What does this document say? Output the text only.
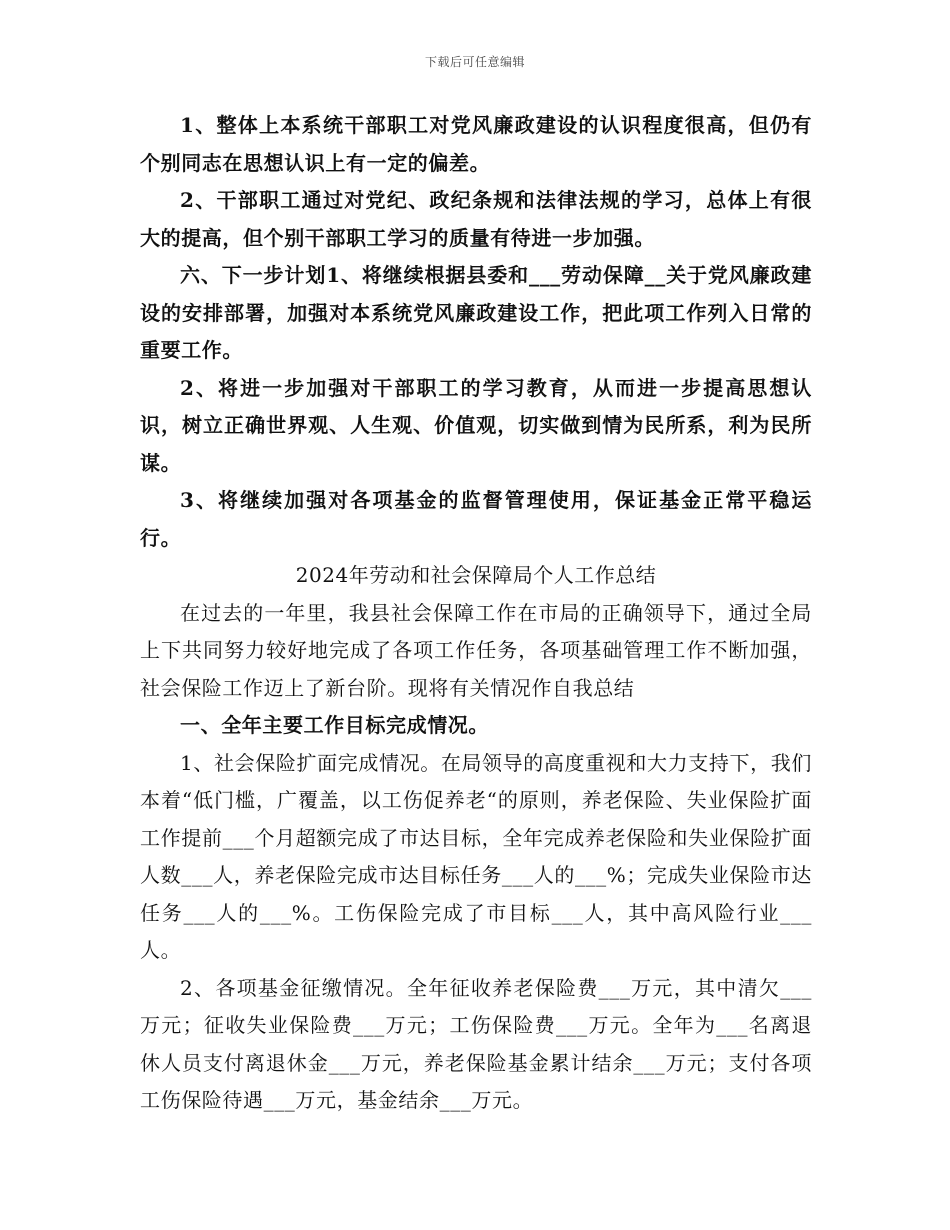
下载后可任意编辑

1、整体上本系统干部职工对党风廉政建设的认识程度很高，但仍有个别同志在思想认识上有一定的偏差。

2、干部职工通过对党纪、政纪条规和法律法规的学习，总体上有很大的提高，但个别干部职工学习的质量有待进一步加强。

六、下一步计划1、将继续根据县委和___劳动保障__关于党风廉政建设的安排部署，加强对本系统党风廉政建设工作，把此项工作列入日常的重要工作。

2、将进一步加强对干部职工的学习教育，从而进一步提高思想认识，树立正确世界观、人生观、价值观，切实做到情为民所系，利为民所谋。

3、将继续加强对各项基金的监督管理使用，保证基金正常平稳运行。

2024年劳动和社会保障局个人工作总结

在过去的一年里，我县社会保障工作在市局的正确领导下，通过全局上下共同努力较好地完成了各项工作任务，各项基础管理工作不断加强，社会保险工作迈上了新台阶。现将有关情况作自我总结

一、全年主要工作目标完成情况。

1、社会保险扩面完成情况。在局领导的高度重视和大力支持下，我们本着“低门槛，广覆盖，以工伤促养老“的原则，养老保险、失业保险扩面工作提前___个月超额完成了市达目标，全年完成养老保险和失业保险扩面人数___人，养老保险完成市达目标任务___人的___%；完成失业保险市达任务___人的___%。工伤保险完成了市目标___人，其中高风险行业___人。

2、各项基金征缴情况。全年征收养老保险费___万元，其中清欠___万元；征收失业保险费___万元；工伤保险费___万元。全年为___名离退休人员支付离退休金___万元，养老保险基金累计结余___万元；支付各项工伤保险待遇___万元，基金结余___万元。
